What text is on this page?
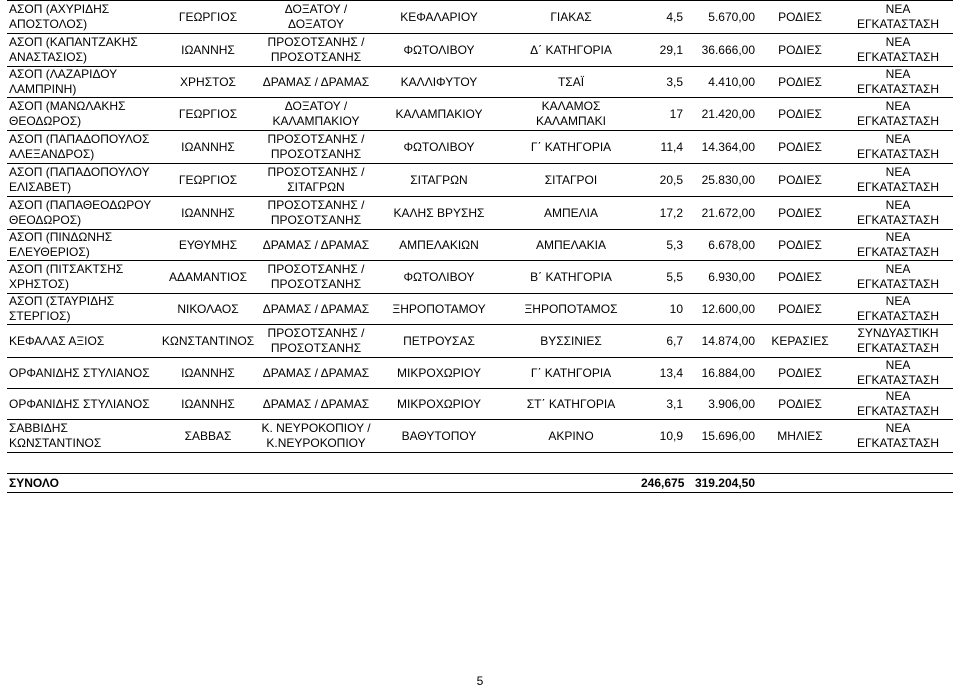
ΑΣΟΠ (ΑΧΥΡΙΔΗΣ ΑΠΟΣΤΟΛΟΣ)	ΓΕΩΡΓΙΟΣ	ΔΟΞΑΤΟΥ / ΔΟΞΑΤΟΥ	ΚΕΦΑΛΑΡΙΟΥ	ΓΙΑΚΑΣ	4,5	5.670,00	ΡΟΔΙΕΣ	ΝΕΑ ΕΓΚΑΤΑΣΤΑΣΗ
ΑΣΟΠ (ΚΑΠΑΝΤΖΑΚΗΣ ΑΝΑΣΤΑΣΙΟΣ)	ΙΩΑΝΝΗΣ	ΠΡΟΣΟΤΣΑΝΗΣ / ΠΡΟΣΟΤΣΑΝΗΣ	ΦΩΤΟΛΙΒΟΥ	Δ΄ ΚΑΤΗΓΟΡΙΑ	29,1	36.666,00	ΡΟΔΙΕΣ	ΝΕΑ ΕΓΚΑΤΑΣΤΑΣΗ
ΑΣΟΠ (ΛΑΖΑΡΙΔΟΥ ΛΑΜΠΡΙΝΗ)	ΧΡΗΣΤΟΣ	ΔΡΑΜΑΣ / ΔΡΑΜΑΣ	ΚΑΛΛΙΦΥΤΟΥ	ΤΣΑΪ	3,5	4.410,00	ΡΟΔΙΕΣ	ΝΕΑ ΕΓΚΑΤΑΣΤΑΣΗ
ΑΣΟΠ (ΜΑΝΩΛΑΚΗΣ ΘΕΟΔΩΡΟΣ)	ΓΕΩΡΓΙΟΣ	ΔΟΞΑΤΟΥ / ΚΑΛΑΜΠΑΚΙΟΥ	ΚΑΛΑΜΠΑΚΙΟΥ	ΚΑΛΑΜΟΣ ΚΑΛΑΜΠΑΚΙ	17	21.420,00	ΡΟΔΙΕΣ	ΝΕΑ ΕΓΚΑΤΑΣΤΑΣΗ
ΑΣΟΠ (ΠΑΠΑΔΟΠΟΥΛΟΣ ΑΛΕΞΑΝΔΡΟΣ)	ΙΩΑΝΝΗΣ	ΠΡΟΣΟΤΣΑΝΗΣ / ΠΡΟΣΟΤΣΑΝΗΣ	ΦΩΤΟΛΙΒΟΥ	Γ΄ ΚΑΤΗΓΟΡΙΑ	11,4	14.364,00	ΡΟΔΙΕΣ	ΝΕΑ ΕΓΚΑΤΑΣΤΑΣΗ
ΑΣΟΠ (ΠΑΠΑΔΟΠΟΥΛΟΥ ΕΛΙΣΑΒΕΤ)	ΓΕΩΡΓΙΟΣ	ΠΡΟΣΟΤΣΑΝΗΣ / ΣΙΤΑΓΡΩΝ	ΣΙΤΑΓΡΩΝ	ΣΙΤΑΓΡΟΙ	20,5	25.830,00	ΡΟΔΙΕΣ	ΝΕΑ ΕΓΚΑΤΑΣΤΑΣΗ
ΑΣΟΠ (ΠΑΠΑΘΕΟΔΩΡΟΥ ΘΕΟΔΩΡΟΣ)	ΙΩΑΝΝΗΣ	ΠΡΟΣΟΤΣΑΝΗΣ / ΠΡΟΣΟΤΣΑΝΗΣ	ΚΑΛΗΣ ΒΡΥΣΗΣ	ΑΜΠΕΛΙΑ	17,2	21.672,00	ΡΟΔΙΕΣ	ΝΕΑ ΕΓΚΑΤΑΣΤΑΣΗ
ΑΣΟΠ (ΠΙΝΔΩΝΗΣ ΕΛΕΥΘΕΡΙΟΣ)	ΕΥΘΥΜΗΣ	ΔΡΑΜΑΣ / ΔΡΑΜΑΣ	ΑΜΠΕΛΑΚΙΩΝ	ΑΜΠΕΛΑΚΙΑ	5,3	6.678,00	ΡΟΔΙΕΣ	ΝΕΑ ΕΓΚΑΤΑΣΤΑΣΗ
ΑΣΟΠ (ΠΙΤΣΑΚΤΣΗΣ ΧΡΗΣΤΟΣ)	ΑΔΑΜΑΝΤΙΟΣ	ΠΡΟΣΟΤΣΑΝΗΣ / ΠΡΟΣΟΤΣΑΝΗΣ	ΦΩΤΟΛΙΒΟΥ	Β΄ ΚΑΤΗΓΟΡΙΑ	5,5	6.930,00	ΡΟΔΙΕΣ	ΝΕΑ ΕΓΚΑΤΑΣΤΑΣΗ
ΑΣΟΠ (ΣΤΑΥΡΙΔΗΣ ΣΤΕΡΓΙΟΣ)	ΝΙΚΟΛΑΟΣ	ΔΡΑΜΑΣ / ΔΡΑΜΑΣ	ΞΗΡΟΠΟΤΑΜΟΥ	ΞΗΡΟΠΟΤΑΜΟΣ	10	12.600,00	ΡΟΔΙΕΣ	ΝΕΑ ΕΓΚΑΤΑΣΤΑΣΗ
ΚΕΦΑΛΑΣ ΑΞΙΟΣ	ΚΩΝΣΤΑΝΤΙΝΟΣ	ΠΡΟΣΟΤΣΑΝΗΣ / ΠΡΟΣΟΤΣΑΝΗΣ	ΠΕΤΡΟΥΣΑΣ	ΒΥΣΣΙΝΙΕΣ	6,7	14.874,00	ΚΕΡΑΣΙΕΣ	ΣΥΝΔΥΑΣΤΙΚΗ ΕΓΚΑΤΑΣΤΑΣΗ
ΟΡΦΑΝΙΔΗΣ ΣΤΥΛΙΑΝΟΣ	ΙΩΑΝΝΗΣ	ΔΡΑΜΑΣ / ΔΡΑΜΑΣ	ΜΙΚΡΟΧΩΡΙΟΥ	Γ΄ ΚΑΤΗΓΟΡΙΑ	13,4	16.884,00	ΡΟΔΙΕΣ	ΝΕΑ ΕΓΚΑΤΑΣΤΑΣΗ
ΟΡΦΑΝΙΔΗΣ ΣΤΥΛΙΑΝΟΣ	ΙΩΑΝΝΗΣ	ΔΡΑΜΑΣ / ΔΡΑΜΑΣ	ΜΙΚΡΟΧΩΡΙΟΥ	ΣΤ΄ ΚΑΤΗΓΟΡΙΑ	3,1	3.906,00	ΡΟΔΙΕΣ	ΝΕΑ ΕΓΚΑΤΑΣΤΑΣΗ
ΣΑΒΒΙΔΗΣ ΚΩΝΣΤΑΝΤΙΝΟΣ	ΣΑΒΒΑΣ	Κ. ΝΕΥΡΟΚΟΠΙΟΥ / Κ.ΝΕΥΡΟΚΟΠΙΟΥ	ΒΑΘΥΤΟΠΟΥ	ΑΚΡΙΝΟ	10,9	15.696,00	ΜΗΛΙΕΣ	ΝΕΑ ΕΓΚΑΤΑΣΤΑΣΗ

ΣΥΝΟΛΟ					246,675	319.204,50		
5
